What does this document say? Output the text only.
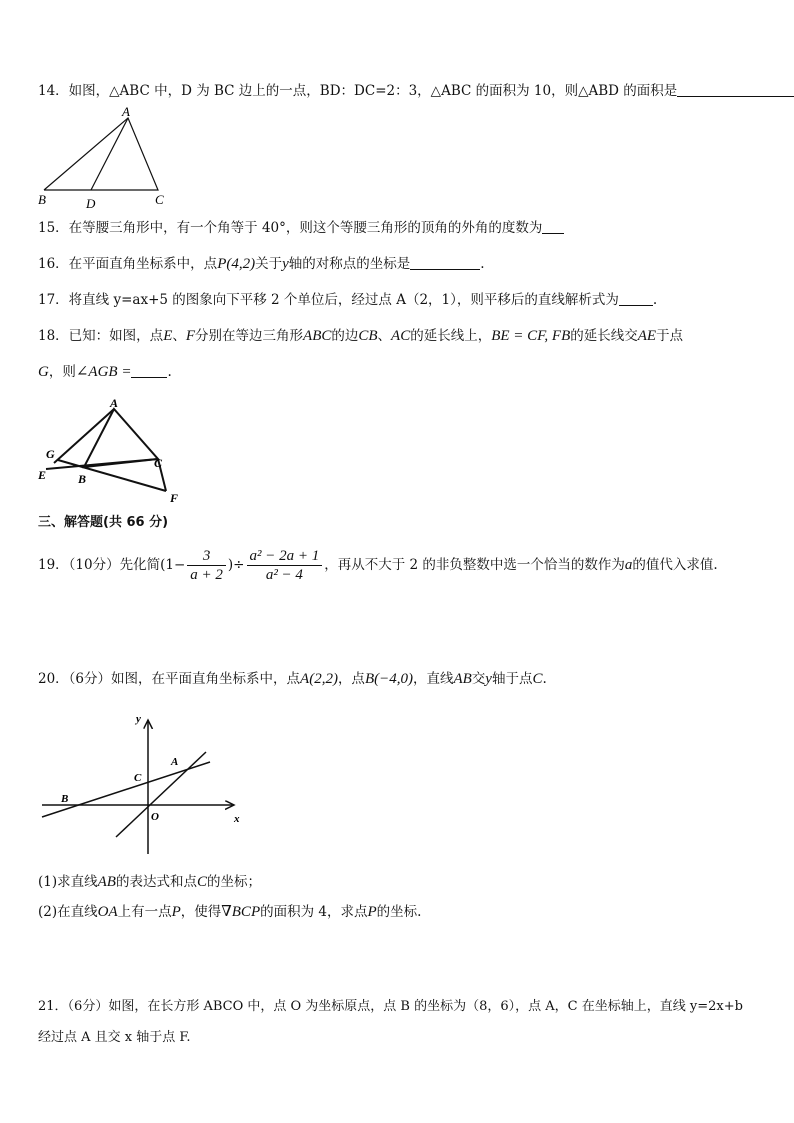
14．如图，△ABC 中，D 为 BC 边上的一点，BD：DC=2：3，△ABC 的面积为 10，则△ABD 的面积是
A
B	D	C
15．在等腰三角形中，有一个角等于 40°，则这个等腰三角形的顶角的外角的度数为
16．在平面直角坐标系中，点P(4,2)关于y轴的对称点的坐标是	.
17．将直线 y=ax+5 的图象向下平移 2 个单位后，经过点 A（2，1），则平移后的直线解析式为	.
18．已知：如图，点E、F分别在等边三角形ABC的边CB、AC的延长线上，BE = CF, FB的延长线交AE于点
G，则∠AGB =	.
A
G
E	B
C
F
三、解答题(共 66 分)
19．（10分）先化简($1- \frac{3}{a + 2}$ )÷ $\frac{\text{a² − 2a + 1}}{\text{a² − 4}}$ ，再从不大于 2 的非负整数中选一个恰当的数作为a的值代入求值.
20．（6分）如图，在平面直角坐标系中，点A(2,2)，点B(−4,0)，直线AB交y轴于点C.
y
x
A
C
B
O
(1)求直线AB的表达式和点C的坐标；
(2)在直线OA上有一点P，使得∇BCP的面积为 4，求点P的坐标.
21．（6分）如图，在长方形 ABCO 中，点 O 为坐标原点，点 B 的坐标为（8，6），点 A，C 在坐标轴上，直线 y=2x+b
经过点 A 且交 x 轴于点 F.
